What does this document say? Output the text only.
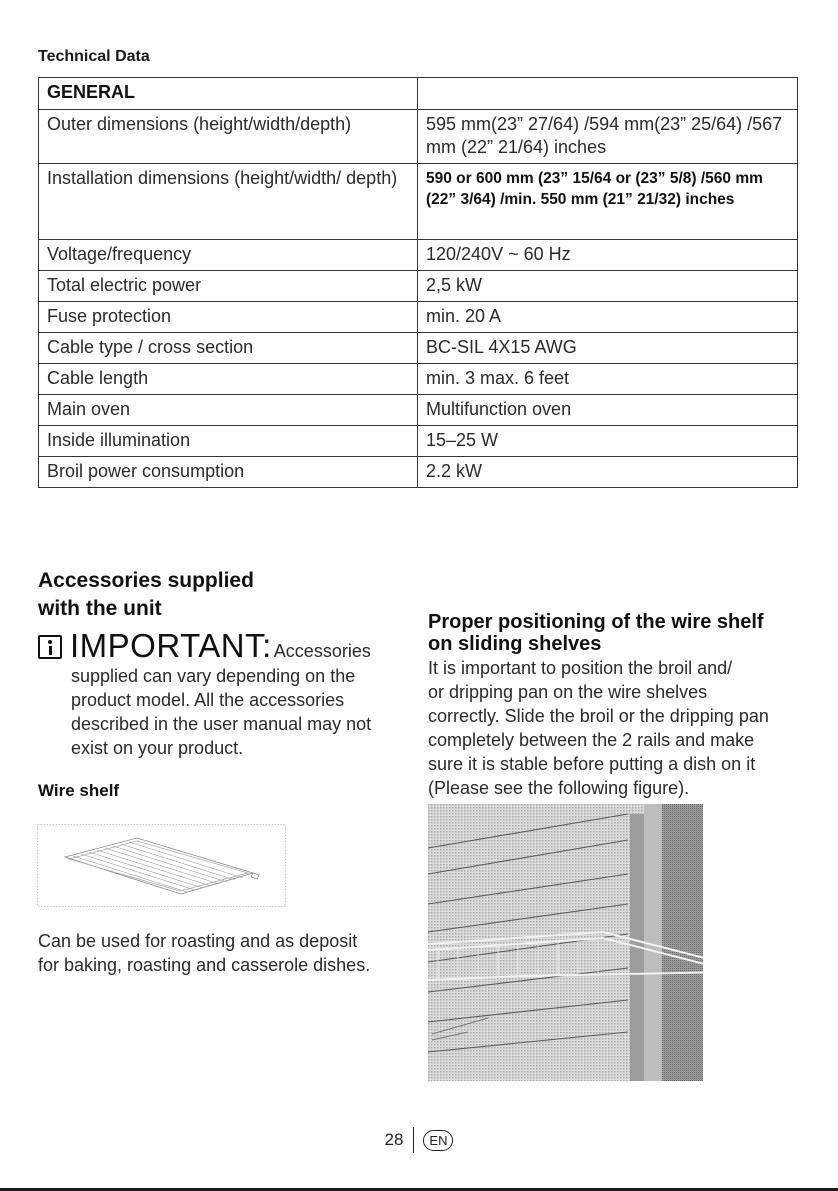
Technical Data
GENERAL	
Outer dimensions (height/width/depth)	595 mm(23” 27/64) /594 mm(23” 25/64) /567 mm (22” 21/64) inches
Installation dimensions (height/width/ depth)	590 or 600 mm (23” 15/64 or (23” 5/8) /560 mm (22” 3/64) /min. 550 mm (21” 21/32) inches
Voltage/frequency	120/240V ~ 60 Hz
Total electric power	2,5 kW
Fuse protection	min. 20 A
Cable type / cross section	BC-SIL 4X15 AWG
Cable length	min. 3 max. 6 feet
Main oven	Multifunction oven
Inside illumination	15–25 W
Broil power consumption	2.2 kW

Accessories supplied

with the unit

IMPORTANT: Accessories

supplied can vary depending on the

product model. All the accessories

described in the user manual may not

exist on your product.

Wire shelf

Can be used for roasting and as deposit

for baking, roasting and casserole dishes.

Proper positioning of the wire shelf

on sliding shelves

It is important to position the broil and/

or dripping pan on the wire shelves

correctly. Slide the broil or the dripping pan

completely between the 2 rails and make

sure it is stable before putting a dish on it

(Please see the following figure).

28 EN
